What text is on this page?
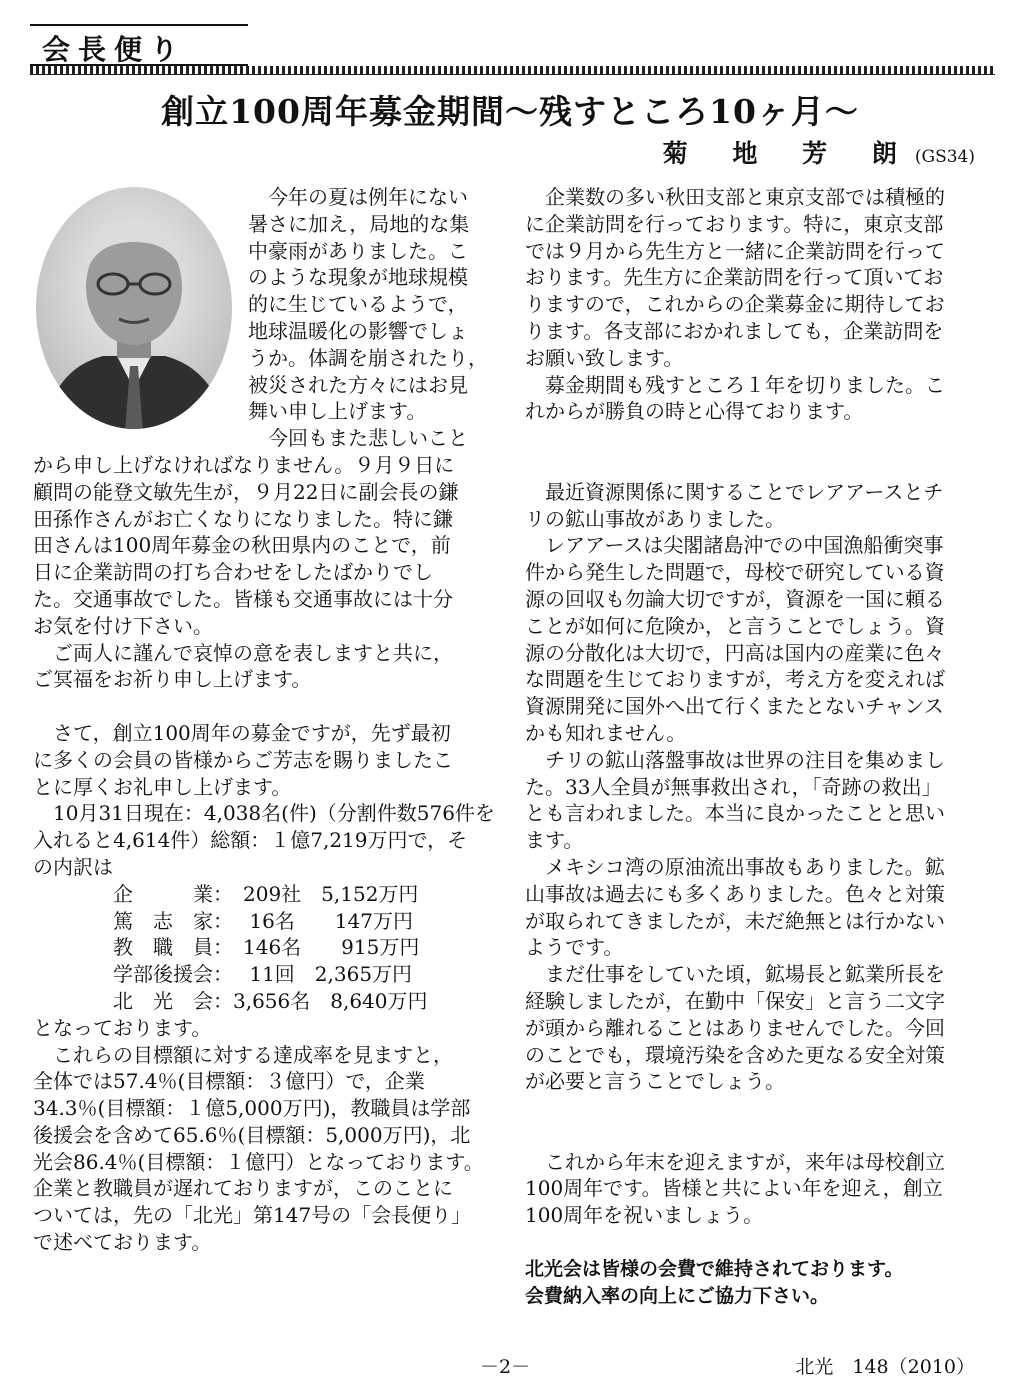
会長便り
創立100周年募金期間～残すところ10ヶ月～
菊 地 芳 朗(GS34)

　今年の夏は例年にない

暑さに加え，局地的な集

中豪雨がありました。こ

のような現象が地球規模

的に生じているようで，

地球温暖化の影響でしょ

うか。体調を崩されたり，

被災された方々にはお見

舞い申し上げます。

　今回もまた悲しいこと

から申し上げなければなりません。９月９日に

顧問の能登文敏先生が，９月22日に副会長の鎌

田孫作さんがお亡くなりになりました。特に鎌

田さんは100周年募金の秋田県内のことで，前

日に企業訪問の打ち合わせをしたばかりでし

た。交通事故でした。皆様も交通事故には十分

お気を付け下さい。

　ご両人に謹んで哀悼の意を表しますと共に，

ご冥福をお祈り申し上げます。

　さて，創立100周年の募金ですが，先ず最初

に多くの会員の皆様からご芳志を賜りましたこ

とに厚くお礼申し上げます。

　10月31日現在：4,038名(件)（分割件数576件を

入れると4,614件）総額：１億7,219万円で，そ

の内訳は

　　　　企　　　業：　209社　5,152万円

　　　　篤　志　家：　 16名　　147万円

　　　　教　職　員：　146名　　915万円

　　　　学部後援会：　 11回　2,365万円

　　　　北　光　会：3,656名　8,640万円

となっております。

　これらの目標額に対する達成率を見ますと，

全体では57.4％(目標額：３億円）で，企業

34.3％(目標額：１億5,000万円)，教職員は学部

後援会を含めて65.6％(目標額：5,000万円)，北

光会86.4％(目標額：１億円）となっております。

企業と教職員が遅れておりますが，このことに

ついては，先の「北光」第147号の「会長便り」

で述べております。

　企業数の多い秋田支部と東京支部では積極的

に企業訪問を行っております。特に，東京支部

では９月から先生方と一緒に企業訪問を行って

おります。先生方に企業訪問を行って頂いてお

りますので，これからの企業募金に期待してお

ります。各支部におかれましても，企業訪問を

お願い致します。

　募金期間も残すところ１年を切りました。こ

れからが勝負の時と心得ております。

　最近資源関係に関することでレアアースとチ

リの鉱山事故がありました。

　レアアースは尖閣諸島沖での中国漁船衝突事

件から発生した問題で，母校で研究している資

源の回収も勿論大切ですが，資源を一国に頼る

ことが如何に危険か，と言うことでしょう。資

源の分散化は大切で，円高は国内の産業に色々

な問題を生じておりますが，考え方を変えれば

資源開発に国外へ出て行くまたとないチャンス

かも知れません。

　チリの鉱山落盤事故は世界の注目を集めまし

た。33人全員が無事救出され，「奇跡の救出」

とも言われました。本当に良かったことと思い

ます。

　メキシコ湾の原油流出事故もありました。鉱

山事故は過去にも多くありました。色々と対策

が取られてきましたが，未だ絶無とは行かない

ようです。

　まだ仕事をしていた頃，鉱場長と鉱業所長を

経験しましたが，在勤中「保安」と言う二文字

が頭から離れることはありませんでした。今回

のことでも，環境汚染を含めた更なる安全対策

が必要と言うことでしょう。

　これから年末を迎えますが，来年は母校創立

100周年です。皆様と共によい年を迎え，創立

100周年を祝いましょう。

北光会は皆様の会費で維持されております。

会費納入率の向上にご協力下さい。

－2－	北光　148（2010）
